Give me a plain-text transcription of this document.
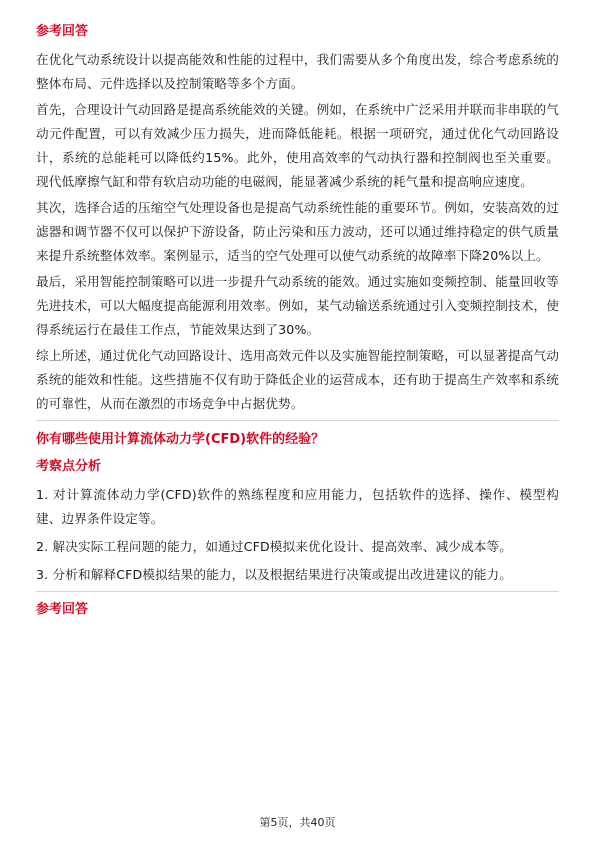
参考回答

在优化气动系统设计以提高能效和性能的过程中，我们需要从多个角度出发，综合考虑系统的整体布局、元件选择以及控制策略等多个方面。

首先，合理设计气动回路是提高系统能效的关键。例如，在系统中广泛采用并联而非串联的气动元件配置，可以有效减少压力损失，进而降低能耗。根据一项研究，通过优化气动回路设计，系统的总能耗可以降低约15%。此外，使用高效率的气动执行器和控制阀也至关重要。现代低摩擦气缸和带有软启动功能的电磁阀，能显著减少系统的耗气量和提高响应速度。

其次，选择合适的压缩空气处理设备也是提高气动系统性能的重要环节。例如，安装高效的过滤器和调节器不仅可以保护下游设备，防止污染和压力波动，还可以通过维持稳定的供气质量来提升系统整体效率。案例显示，适当的空气处理可以使气动系统的故障率下降20%以上。

最后，采用智能控制策略可以进一步提升气动系统的能效。通过实施如变频控制、能量回收等先进技术，可以大幅度提高能源利用效率。例如，某气动输送系统通过引入变频控制技术，使得系统运行在最佳工作点，节能效果达到了30%。

综上所述，通过优化气动回路设计、选用高效元件以及实施智能控制策略，可以显著提高气动系统的能效和性能。这些措施不仅有助于降低企业的运营成本，还有助于提高生产效率和系统的可靠性，从而在激烈的市场竞争中占据优势。

你有哪些使用计算流体动力学(CFD)软件的经验？
考察点分析

1. 对计算流体动力学(CFD)软件的熟练程度和应用能力，包括软件的选择、操作、模型构建、边界条件设定等。

2. 解决实际工程问题的能力，如通过CFD模拟来优化设计、提高效率、减少成本等。

3. 分析和解释CFD模拟结果的能力，以及根据结果进行决策或提出改进建议的能力。

参考回答
第5页，共40页
